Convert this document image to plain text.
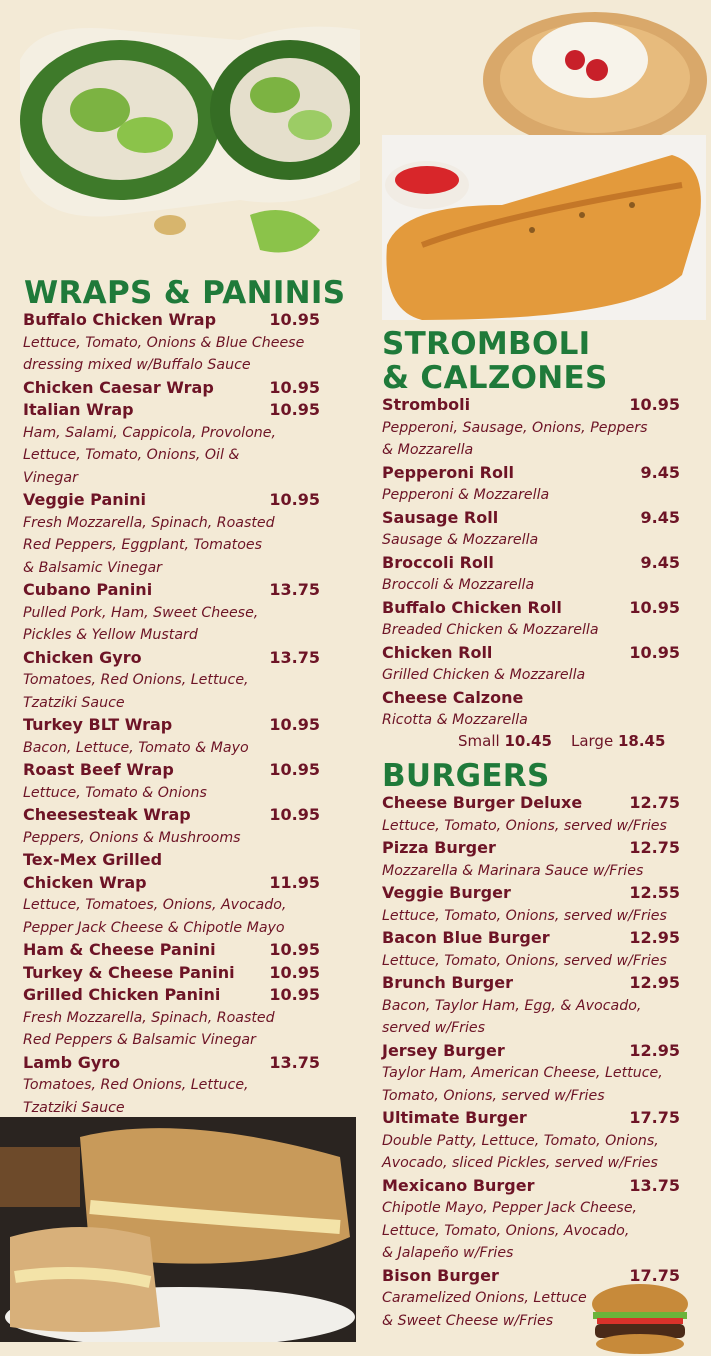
WRAPS & PANINIS
Buffalo Chicken Wrap	10.95
Lettuce, Tomato, Onions & Blue Cheese
dressing mixed w/Buffalo Sauce
Chicken Caesar Wrap	10.95
Italian Wrap	10.95
Ham, Salami, Cappicola, Provolone,
Lettuce, Tomato, Onions, Oil &
Vinegar
Veggie Panini	10.95
Fresh Mozzarella, Spinach, Roasted
Red Peppers, Eggplant, Tomatoes
& Balsamic Vinegar
Cubano Panini	13.75
Pulled Pork, Ham, Sweet Cheese,
Pickles & Yellow Mustard
Chicken Gyro	13.75
Tomatoes, Red Onions, Lettuce,
Tzatziki Sauce
Turkey BLT Wrap	10.95
Bacon, Lettuce, Tomato & Mayo
Roast Beef Wrap	10.95
Lettuce, Tomato & Onions
Cheesesteak Wrap	10.95
Peppers, Onions & Mushrooms
Tex-Mex Grilled
Chicken Wrap	11.95
Lettuce, Tomatoes, Onions, Avocado,
Pepper Jack Cheese & Chipotle Mayo
Ham & Cheese Panini	10.95
Turkey & Cheese Panini	10.95
Grilled Chicken Panini	10.95
Fresh Mozzarella, Spinach, Roasted
Red Peppers & Balsamic Vinegar
Lamb Gyro	13.75
Tomatoes, Red Onions, Lettuce,
Tzatziki Sauce
STROMBOLI
& CALZONES
Stromboli	10.95
Pepperoni, Sausage, Onions, Peppers
& Mozzarella
Pepperoni Roll	9.45
Pepperoni & Mozzarella
Sausage Roll	9.45
Sausage & Mozzarella
Broccoli Roll	9.45
Broccoli & Mozzarella
Buffalo Chicken Roll	10.95
Breaded Chicken & Mozzarella
Chicken Roll	10.95
Grilled Chicken & Mozzarella
Cheese Calzone
Ricotta & Mozzarella
Small 10.45 Large 18.45
BURGERS
Cheese Burger Deluxe	12.75
Lettuce, Tomato, Onions, served w/Fries
Pizza Burger	12.75
Mozzarella & Marinara Sauce w/Fries
Veggie Burger	12.55
Lettuce, Tomato, Onions, served w/Fries
Bacon Blue Burger	12.95
Lettuce, Tomato, Onions, served w/Fries
Brunch Burger	12.95
Bacon, Taylor Ham, Egg, & Avocado,
served w/Fries
Jersey Burger	12.95
Taylor Ham, American Cheese, Lettuce,
Tomato, Onions, served w/Fries
Ultimate Burger	17.75
Double Patty, Lettuce, Tomato, Onions,
Avocado, sliced Pickles, served w/Fries
Mexicano Burger	13.75
Chipotle Mayo, Pepper Jack Cheese,
Lettuce, Tomato, Onions, Avocado,
& Jalapeño w/Fries
Bison Burger	17.75
Caramelized Onions, Lettuce
& Sweet Cheese w/Fries
